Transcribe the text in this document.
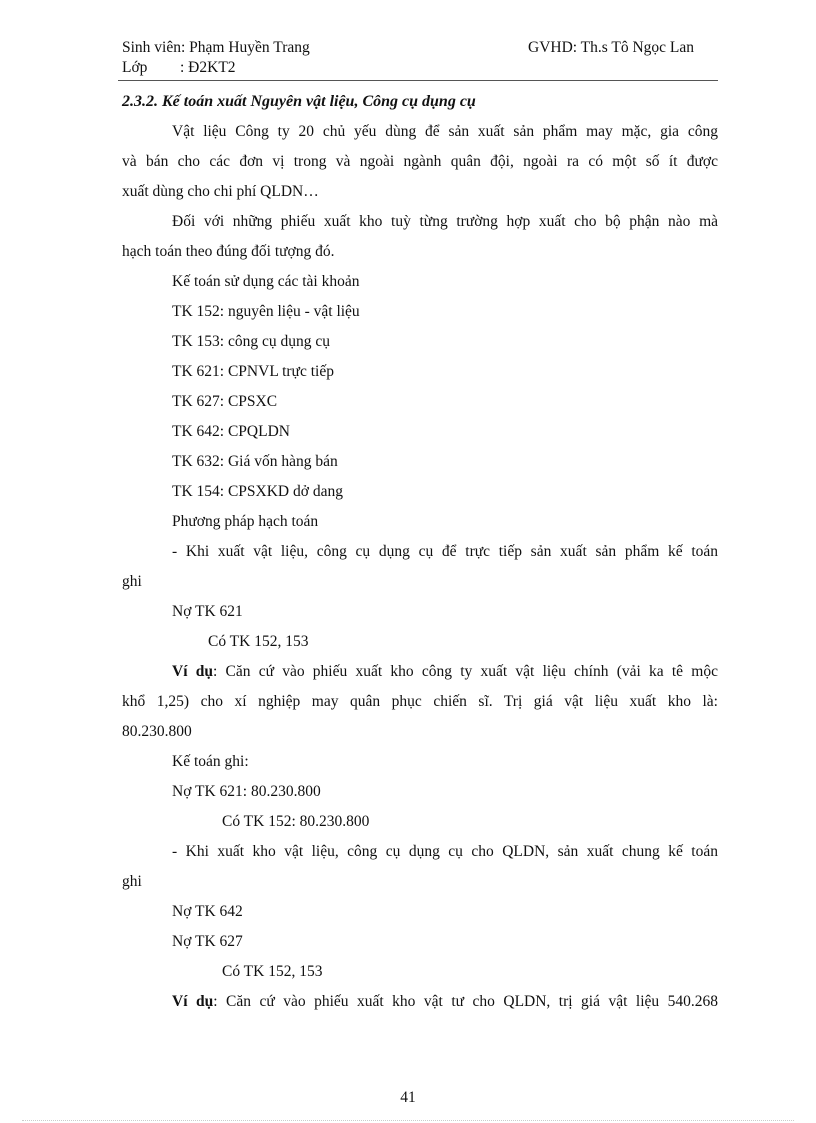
Sinh viên: Phạm Huyền Trang	GVHD: Th.s Tô Ngọc Lan
Lớp : Đ2KT2
2.3.2. Kế toán xuất Nguyên vật liệu, Công cụ dụng cụ
Vật liệu Công ty 20 chủ yếu dùng để sản xuất sản phẩm may mặc, gia công
và bán cho các đơn vị trong và ngoài ngành quân đội, ngoài ra có một số ít được
xuất dùng cho chi phí QLDN…
Đối với những phiếu xuất kho tuỳ từng trường hợp xuất cho bộ phận nào mà
hạch toán theo đúng đối tượng đó.
Kế toán sử dụng các tài khoản
TK 152: nguyên liệu - vật liệu
TK 153: công cụ dụng cụ
TK 621: CPNVL trực tiếp
TK 627: CPSXC
TK 642: CPQLDN
TK 632: Giá vốn hàng bán
TK 154: CPSXKD dở dang
Phương pháp hạch toán
- Khi xuất vật liệu, công cụ dụng cụ để trực tiếp sản xuất sản phẩm kế toán
ghi
Nợ TK 621
Có TK 152, 153
Ví dụ: Căn cứ vào phiếu xuất kho công ty xuất vật liệu chính (vải ka tê mộc
khổ 1,25) cho xí nghiệp may quân phục chiến sĩ. Trị giá vật liệu xuất kho là:
80.230.800
Kế toán ghi:
Nợ TK 621: 80.230.800
Có TK 152: 80.230.800
- Khi xuất kho vật liệu, công cụ dụng cụ cho QLDN, sản xuất chung kế toán
ghi
Nợ TK 642
Nợ TK 627
Có TK 152, 153
Ví dụ: Căn cứ vào phiếu xuất kho vật tư cho QLDN, trị giá vật liệu 540.268
41
